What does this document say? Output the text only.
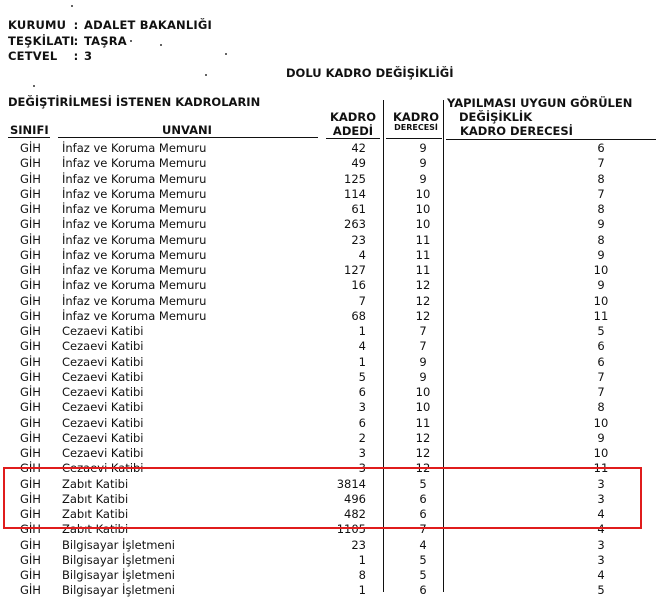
KURUMU : ADALET BAKANLIĞI
TEŞKİLATI: TAŞRA
CETVEL : 3
DOLU KADRO DEĞİŞİKLİĞİ
DEĞİŞTİRİLMESİ İSTENEN KADROLARIN	YAPILMASI UYGUN GÖRÜLEN
DEĞİŞİKLİK
SINIFI	UNVANI
KADRO
ADEDİ
KADRO
DERECESİ	KADRO DERECESİ
GİH İnfaz ve Koruma Memuru	42	9	6
GİH İnfaz ve Koruma Memuru	49	9	7
GİH İnfaz ve Koruma Memuru	125	9	8
GİH İnfaz ve Koruma Memuru	114	10	7
GİH İnfaz ve Koruma Memuru	61	10	8
GİH İnfaz ve Koruma Memuru	263	10	9
GİH İnfaz ve Koruma Memuru	23	11	8
GİH İnfaz ve Koruma Memuru	4	11	9
GİH İnfaz ve Koruma Memuru	127	11	10
GİH İnfaz ve Koruma Memuru	16	12	9
GİH İnfaz ve Koruma Memuru	7	12	10
GİH İnfaz ve Koruma Memuru	68	12	11
GİH Cezaevi Katibi	1	7	5
GİH Cezaevi Katibi	4	7	6
GİH Cezaevi Katibi	1	9	6
GİH Cezaevi Katibi	5	9	7
GİH Cezaevi Katibi	6	10	7
GİH Cezaevi Katibi	3	10	8
GİH Cezaevi Katibi	6	11	10
GİH Cezaevi Katibi	2	12	9
GİH Cezaevi Katibi	3	12	10
GİH Cezaevi Katibi	3	12	11
GİH Zabıt Katibi	3814	5	3
GİH Zabıt Katibi	496	6	3
GİH Zabıt Katibi	482	6	4
GİH Zabıt Katibi	1105	7	4
GİH Bilgisayar İşletmeni	23	4	3
GİH Bilgisayar İşletmeni	1	5	3
GİH Bilgisayar İşletmeni	8	5	4
GİH Bilgisayar İşletmeni	1	6	5
